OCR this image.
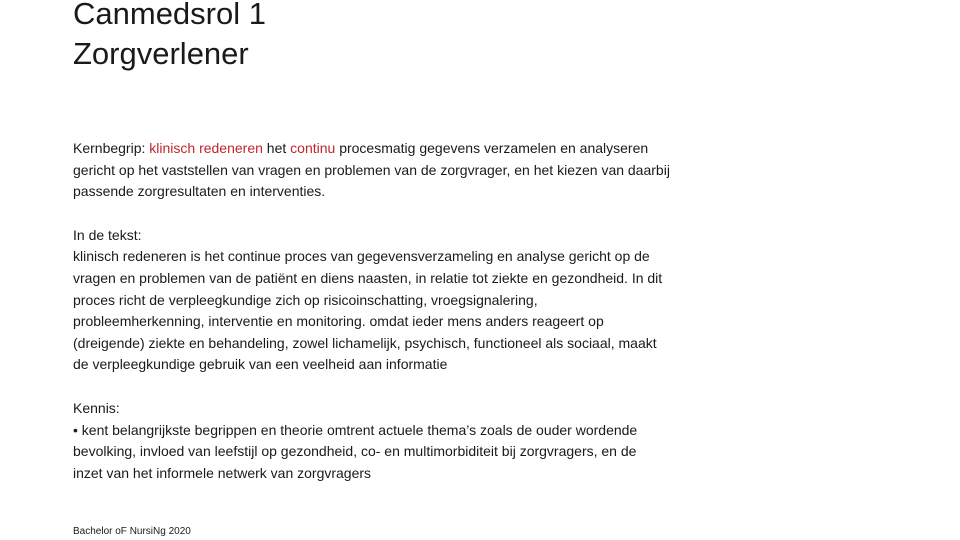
Canmedsrol 1
Zorgverlener

Kernbegrip: klinisch redeneren het continu procesmatig gegevens verzamelen en analyseren
gericht op het vaststellen van vragen en problemen van de zorgvrager, en het kiezen van daarbij
passende zorgresultaten en interventies.

In de tekst:
klinisch redeneren is het continue proces van gegevensverzameling en analyse gericht op de
vragen en problemen van de patiënt en diens naasten, in relatie tot ziekte en gezondheid. In dit
proces richt de verpleegkundige zich op risicoinschatting, vroegsignalering,
probleemherkenning, interventie en monitoring. omdat ieder mens anders reageert op
(dreigende) ziekte en behandeling, zowel lichamelijk, psychisch, functioneel als sociaal, maakt
de verpleegkundige gebruik van een veelheid aan informatie

Kennis:
• kent belangrijkste begrippen en theorie omtrent actuele thema’s zoals de ouder wordende
bevolking, invloed van leefstijl op gezondheid, co- en multimorbiditeit bij zorgvragers, en de
inzet van het informele netwerk van zorgvragers

Bachelor oF NursiNg 2020
